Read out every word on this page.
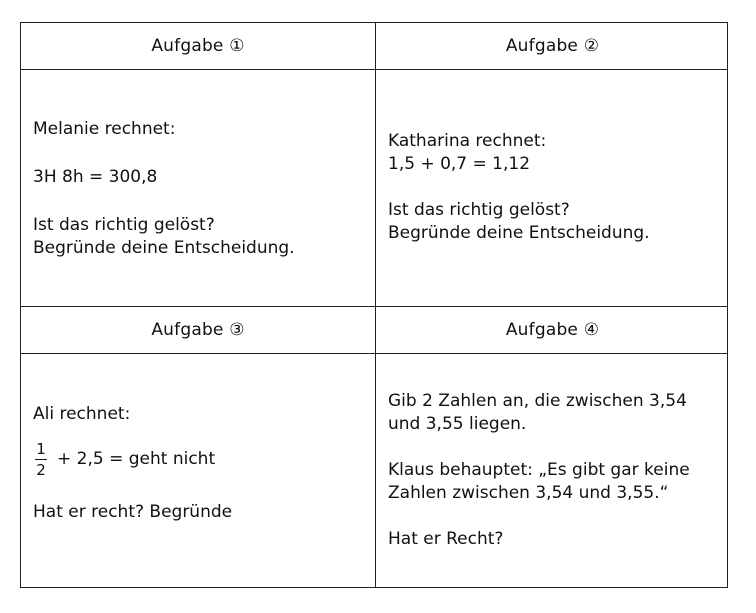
Aufgabe ①	Aufgabe ②
Melanie rechnet:
3H 8h = 300,8
Ist das richtig gelöst?
Begründe deine Entscheidung.
Katharina rechnet:
1,5 + 0,7 = 1,12
Ist das richtig gelöst?
Begründe deine Entscheidung.
Aufgabe ③	Aufgabe ④
Ali rechnet:
$\frac{1}{2} + 2,5$ = geht nicht
Hat er recht? Begründe
Gib 2 Zahlen an, die zwischen 3,54
und 3,55 liegen.
Klaus behauptet: „Es gibt gar keine
Zahlen zwischen 3,54 und 3,55.“
Hat er Recht?
